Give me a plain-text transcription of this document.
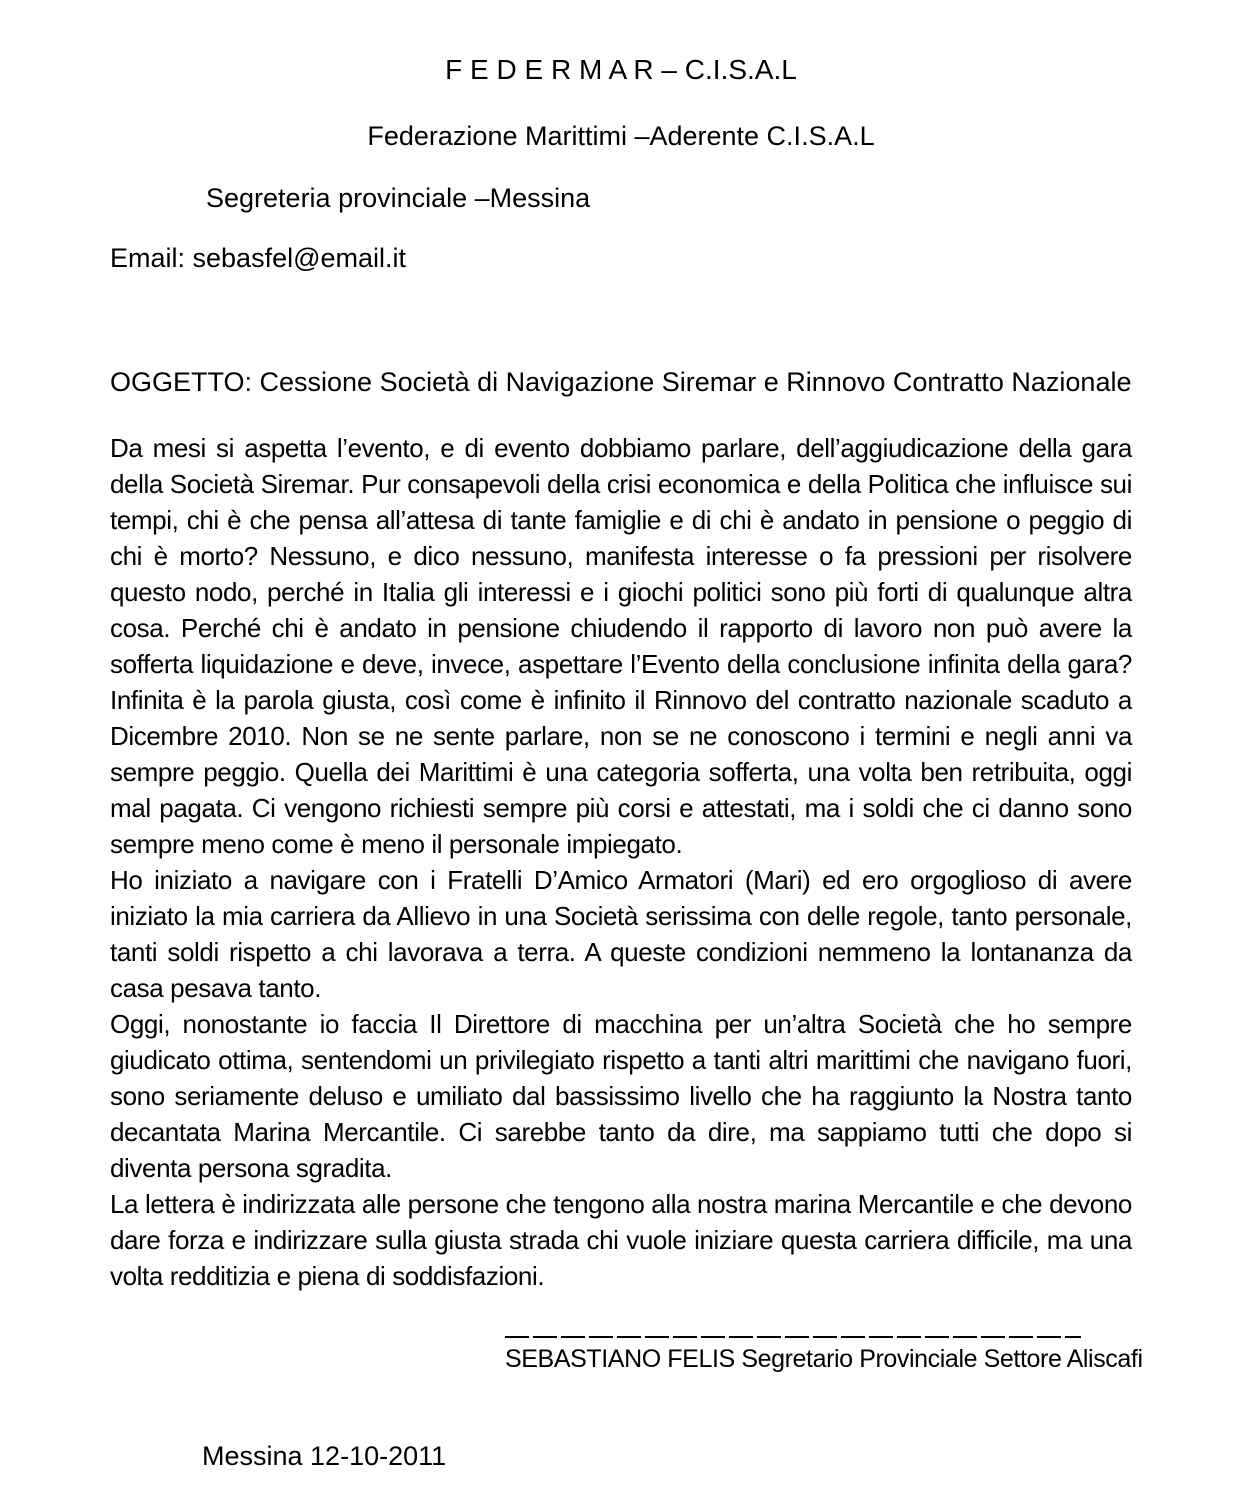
F E D E R M A R – C.I.S.A.L
Federazione Marittimi –Aderente C.I.S.A.L
Segreteria provinciale –Messina
Email: sebasfel@email.it
OGGETTO: Cessione Società di Navigazione Siremar e Rinnovo Contratto Nazionale

Da mesi si aspetta l’evento, e di evento dobbiamo parlare, dell’aggiudicazione della gara della Società Siremar. Pur consapevoli della crisi economica e della Politica che influisce sui tempi, chi è che pensa all’attesa di tante famiglie e di chi è andato in pensione o peggio di chi è morto? Nessuno, e dico nessuno, manifesta interesse o fa pressioni per risolvere questo nodo, perché in Italia gli interessi e i giochi politici sono più forti di qualunque altra cosa. Perché chi è andato in pensione chiudendo il rapporto di lavoro non può avere la sofferta liquidazione e deve, invece, aspettare l’Evento della conclusione infinita della gara? Infinita è la parola giusta, così come è infinito il Rinnovo del contratto nazionale scaduto a Dicembre 2010. Non se ne sente parlare, non se ne conoscono i termini e negli anni va sempre peggio. Quella dei Marittimi è una categoria sofferta, una volta ben retribuita, oggi mal pagata. Ci vengono richiesti sempre più corsi e attestati, ma i soldi che ci danno sono sempre meno come è meno il personale impiegato.

Ho iniziato a navigare con i Fratelli D’Amico Armatori (Mari) ed ero orgoglioso di avere iniziato la mia carriera da Allievo in una Società serissima con delle regole, tanto personale, tanti soldi rispetto a chi lavorava a terra. A queste condizioni nemmeno la lontananza da casa pesava tanto.

Oggi, nonostante io faccia Il Direttore di macchina per un’altra Società che ho sempre giudicato ottima, sentendomi un privilegiato rispetto a tanti altri marittimi che navigano fuori, sono seriamente deluso e umiliato dal bassissimo livello che ha raggiunto la Nostra tanto decantata Marina Mercantile. Ci sarebbe tanto da dire, ma sappiamo tutti che dopo si diventa persona sgradita.

La lettera è indirizzata alle persone che tengono alla nostra marina Mercantile e che devono dare forza e indirizzare sulla giusta strada chi vuole iniziare questa carriera difficile, ma una volta redditizia e piena di soddisfazioni.

SEBASTIANO FELIS Segretario Provinciale Settore Aliscafi
Messina 12-10-2011
